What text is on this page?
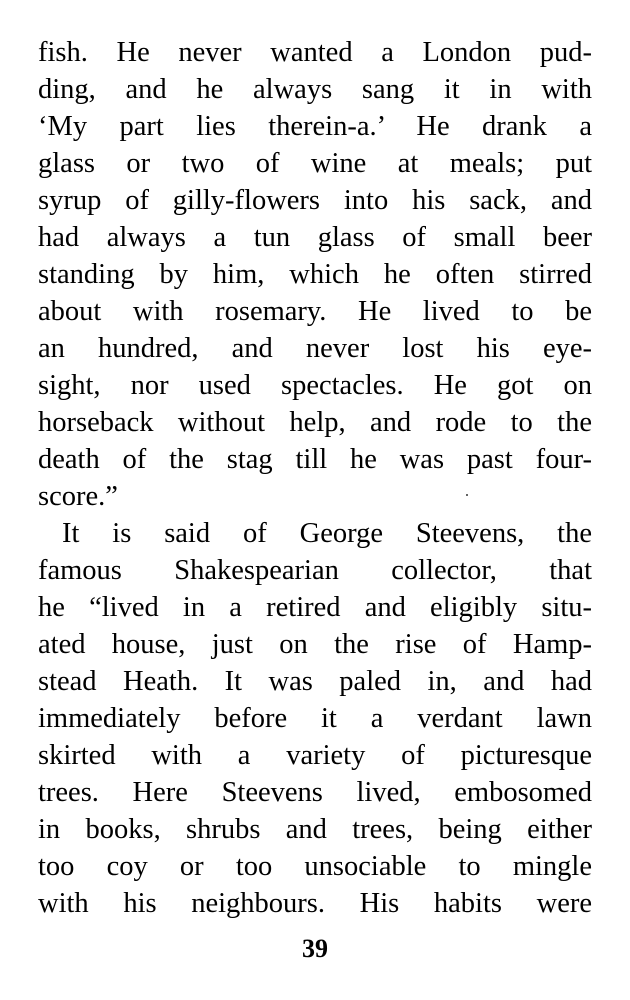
fish. He never wanted a London pud-
ding, and he always sang it in with
‘My part lies therein-a.’ He drank a
glass or two of wine at meals; put
syrup of gilly-flowers into his sack, and
had always a tun glass of small beer
standing by him, which he often stirred
about with rosemary. He lived to be
an hundred, and never lost his eye-
sight, nor used spectacles. He got on
horseback without help, and rode to the
death of the stag till he was past four-
score.”
It is said of George Steevens, the
famous Shakespearian collector, that
he “lived in a retired and eligibly situ-
ated house, just on the rise of Hamp-
stead Heath. It was paled in, and had
immediately before it a verdant lawn
skirted with a variety of picturesque
trees. Here Steevens lived, embosomed
in books, shrubs and trees, being either
too coy or too unsociable to mingle
with his neighbours. His habits were
39
